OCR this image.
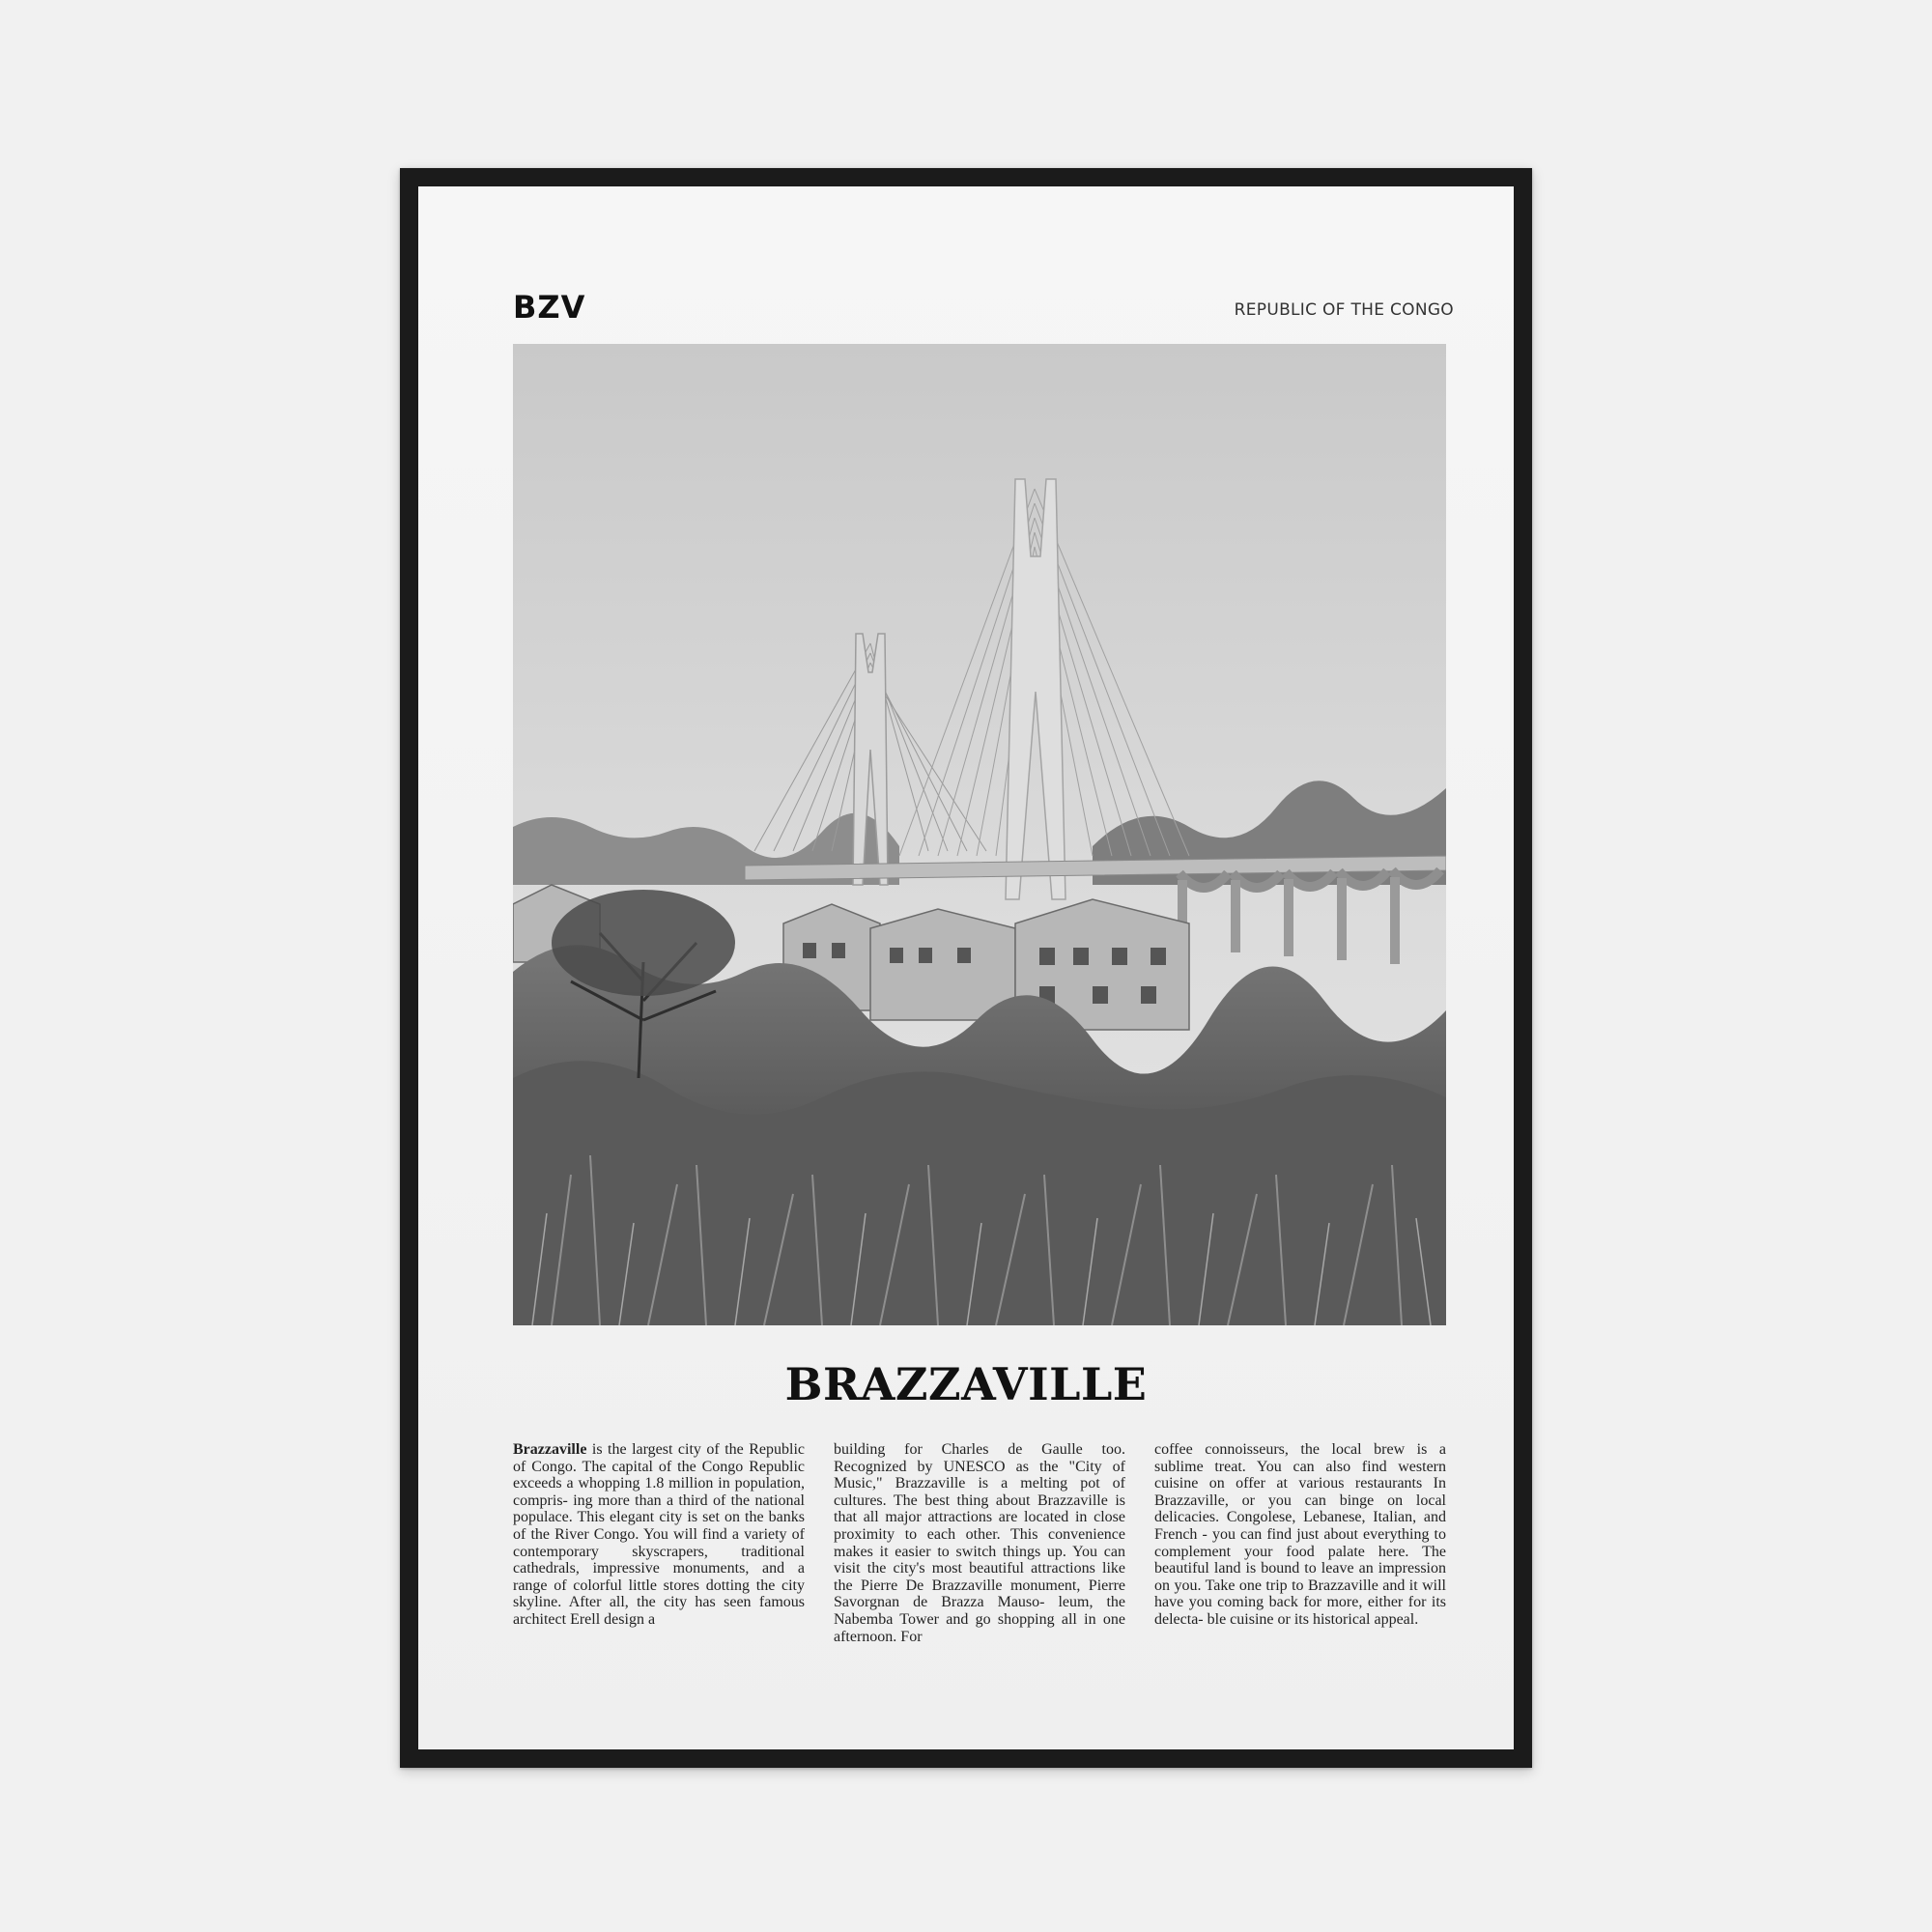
BZV	REPUBLIC OF THE CONGO
BRAZZAVILLE
Brazzaville is the largest city of the Republic of Congo. The capital of the Congo Republic exceeds a whopping 1.8 million in population, compris- ing more than a third of the national populace. This elegant city is set on the banks of the River Congo. You will find a variety of contemporary skyscrapers, traditional cathedrals, impressive monuments, and a range of colorful little stores dotting the city skyline. After all, the city has seen famous architect Erell design a
building for Charles de Gaulle too. Recognized by UNESCO as the "City of Music," Brazzaville is a melting pot of cultures. The best thing about Brazzaville is that all major attractions are located in close proximity to each other. This convenience makes it easier to switch things up. You can visit the city's most beautiful attractions like the Pierre De Brazzaville monument, Pierre Savorgnan de Brazza Mauso- leum, the Nabemba Tower and go shopping all in one afternoon. For
coffee connoisseurs, the local brew is a sublime treat. You can also find western cuisine on offer at various restaurants In Brazzaville, or you can binge on local delicacies. Congolese, Lebanese, Italian, and French - you can find just about everything to complement your food palate here. The beautiful land is bound to leave an impression on you. Take one trip to Brazzaville and it will have you coming back for more, either for its delecta- ble cuisine or its historical appeal.
